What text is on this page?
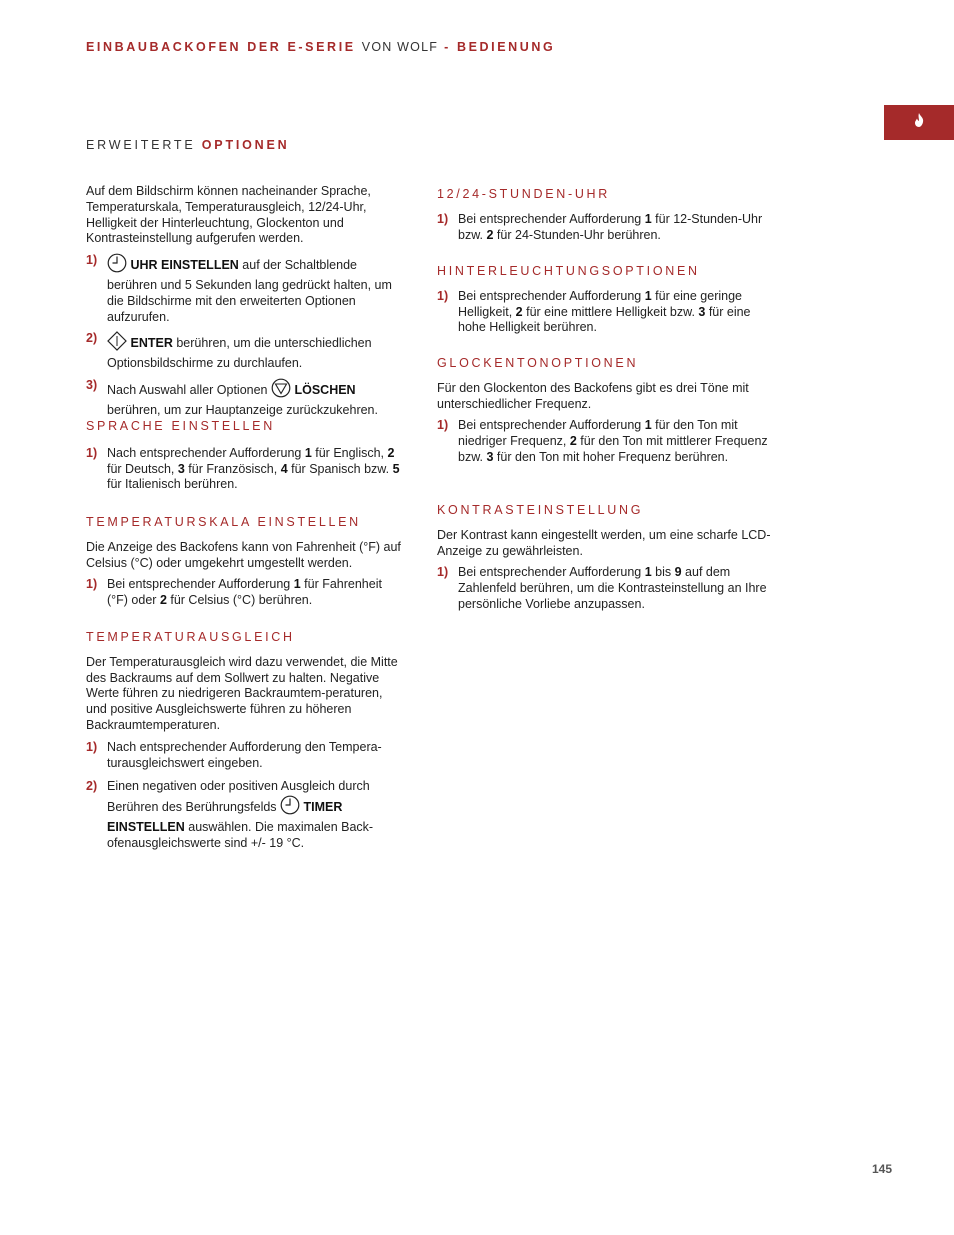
EINBAUBACKOFEN DER E-SERIE VON WOLF - BEDIENUNG
ERWEITERTE OPTIONEN

Auf dem Bildschirm können nacheinander Sprache, Temperaturskala, Temperaturausgleich, 12/24-Uhr, Helligkeit der Hinterleuchtung, Glockenton und Kontrasteinstellung aufgerufen werden.

1)	UHR EINSTELLEN auf der Schaltblende berühren und 5 Sekunden lang gedrückt halten, um die Bildschirme mit den erweiterten Optionen aufzurufen.
2)	ENTER berühren, um die unterschiedlichen Optionsbildschirme zu durchlaufen.
3) Nach Auswahl aller Optionen  LÖSCHEN berühren, um zur Hauptanzeige zurückzukehren.
SPRACHE EINSTELLEN
1) Nach entsprechender Aufforderung 1 für Englisch, 2 für Deutsch, 3 für Französisch, 4 für Spanisch bzw. 5 für Italienisch berühren.
TEMPERATURSKALA EINSTELLEN

Die Anzeige des Backofens kann von Fahrenheit (°F) auf Celsius (°C) oder umgekehrt umgestellt werden.

1) Bei entsprechender Aufforderung 1 für Fahrenheit (°F) oder 2 für Celsius (°C) berühren.
TEMPERATURAUSGLEICH

Der Temperaturausgleich wird dazu verwendet, die Mitte des Backraums auf dem Sollwert zu halten. Negative Werte führen zu niedrigeren Backraumtem-peraturen, und positive Ausgleichswerte führen zu höheren Backraumtemperaturen.

1) Nach entsprechender Aufforderung den Tempera-turausgleichswert eingeben.
2) Einen negativen oder positiven Ausgleich durch Berühren des Berührungsfelds  TIMER EINSTELLEN auswählen. Die maximalen Back-ofenausgleichswerte sind +/- 19 °C.
12/24-STUNDEN-UHR
1) Bei entsprechender Aufforderung 1 für 12-Stunden-Uhr bzw. 2 für 24-Stunden-Uhr berühren.
HINTERLEUCHTUNGSOPTIONEN
1) Bei entsprechender Aufforderung 1 für eine geringe Helligkeit, 2 für eine mittlere Helligkeit bzw. 3 für eine hohe Helligkeit berühren.
GLOCKENTONOPTIONEN

Für den Glockenton des Backofens gibt es drei Töne mit unterschiedlicher Frequenz.

1) Bei entsprechender Aufforderung 1 für den Ton mit niedriger Frequenz, 2 für den Ton mit mittlerer Frequenz bzw. 3 für den Ton mit hoher Frequenz berühren.
KONTRASTEINSTELLUNG

Der Kontrast kann eingestellt werden, um eine scharfe LCD-Anzeige zu gewährleisten.

1) Bei entsprechender Aufforderung 1 bis 9 auf dem Zahlenfeld berühren, um die Kontrasteinstellung an Ihre persönliche Vorliebe anzupassen.
145
